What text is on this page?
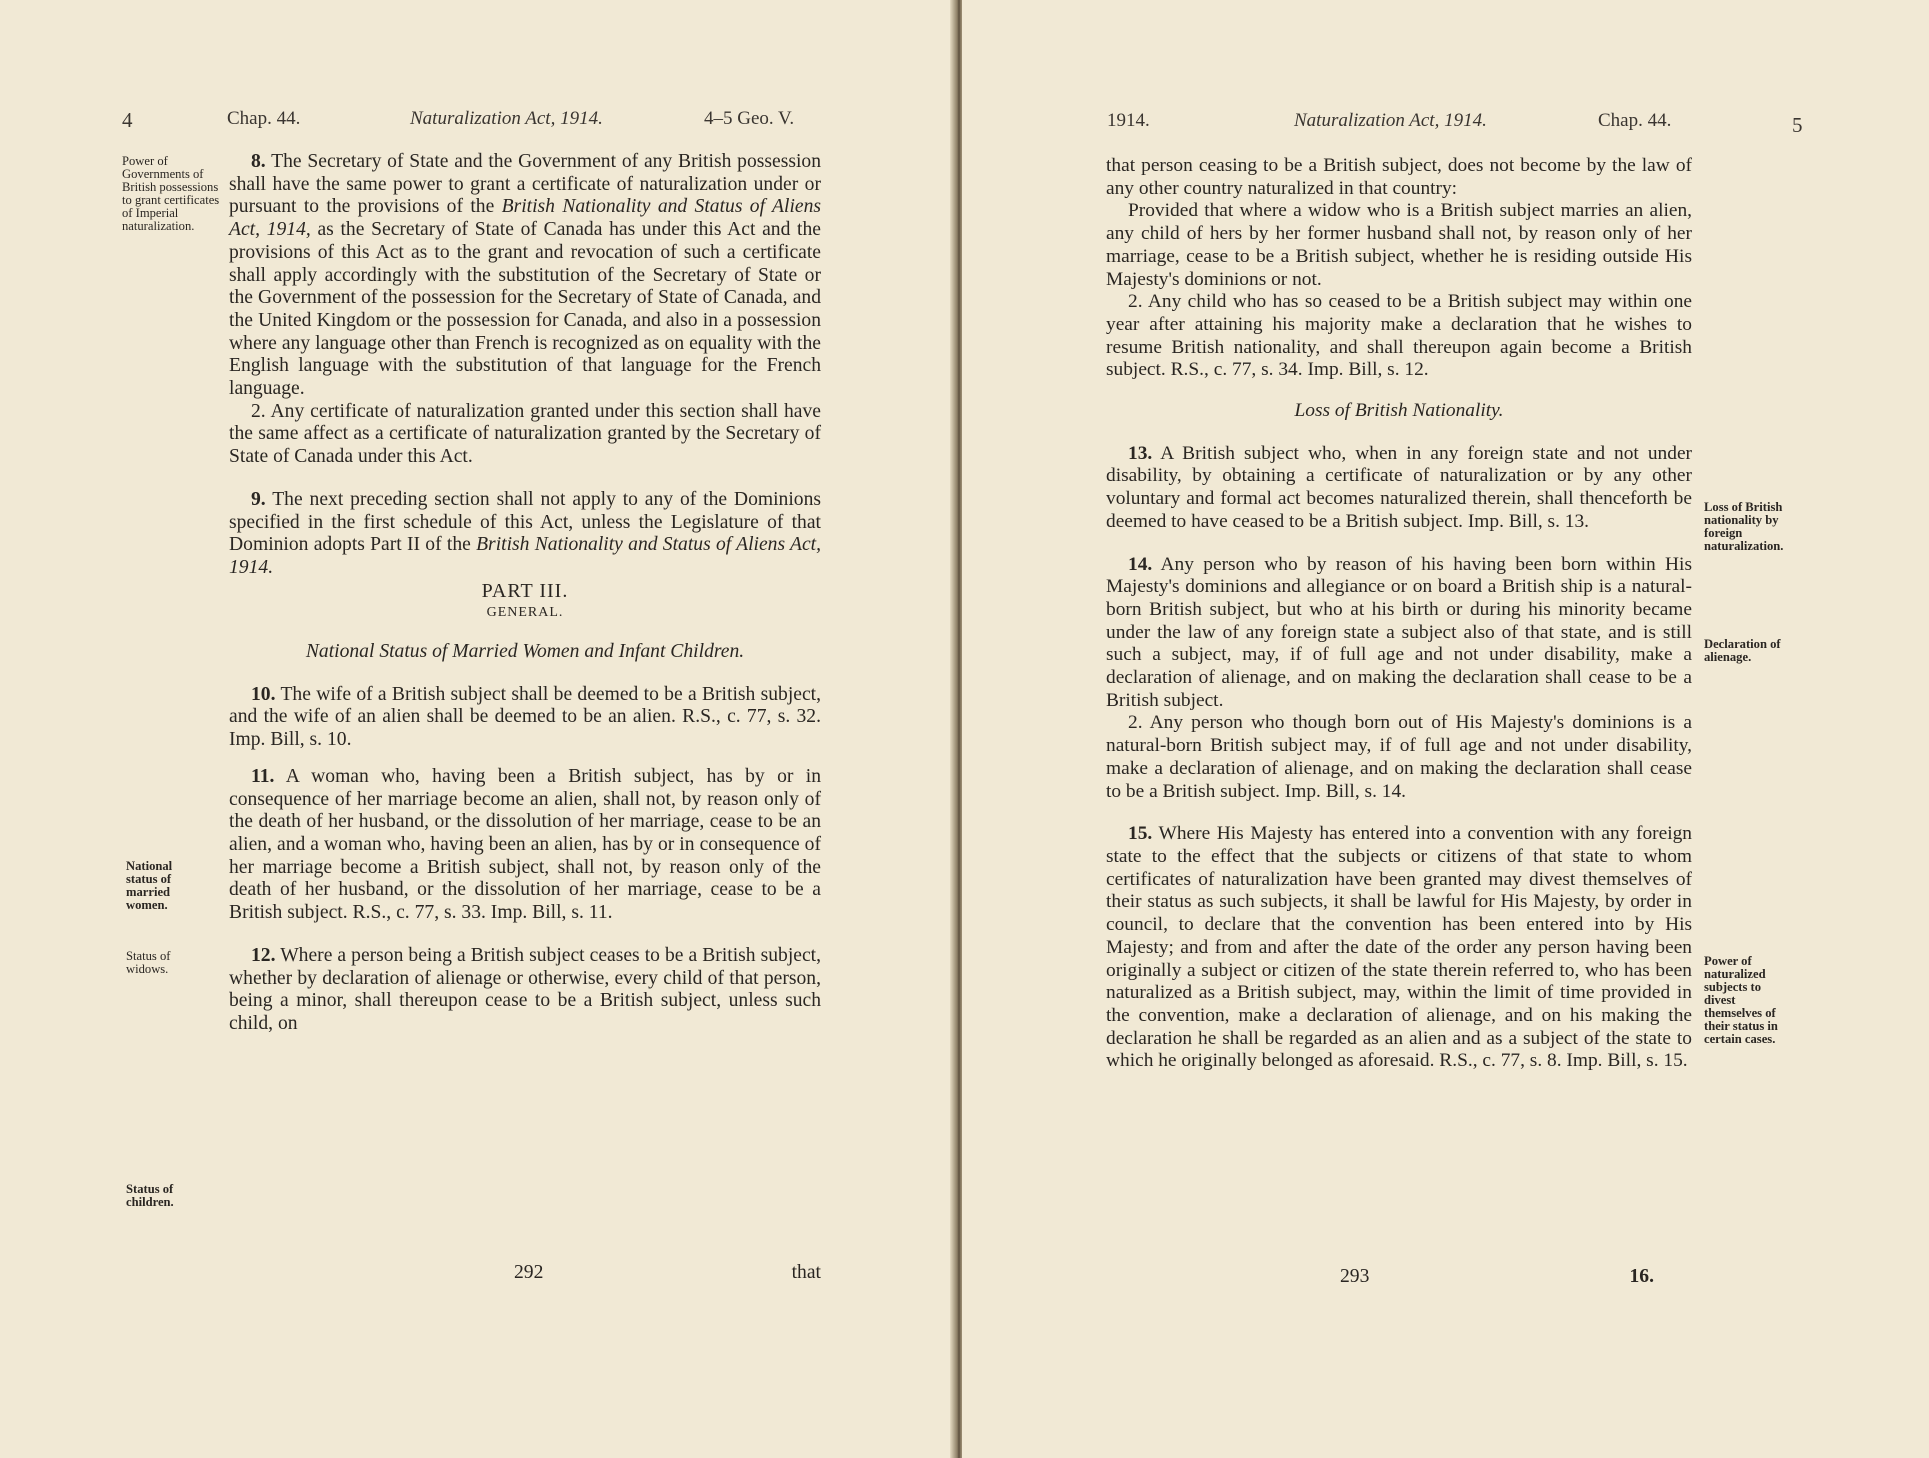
4	Chap. 44.	Naturalization Act, 1914.	4–5 Geo. V.
Power of Governments of British possessions to grant certificates of Imperial naturalization.
National status of married women.
Status of widows.
Status of children.

8. The Secretary of State and the Government of any British possession shall have the same power to grant a certificate of naturalization under or pursuant to the provisions of the British Nationality and Status of Aliens Act, 1914, as the Secretary of State of Canada has under this Act and the provisions of this Act as to the grant and revocation of such a certificate shall apply accordingly with the substitution of the Secretary of State or the Government of the possession for the Secretary of State of Canada, and the United Kingdom or the possession for Canada, and also in a possession where any language other than French is recognized as on equality with the English language with the substitution of that language for the French language.

2. Any certificate of naturalization granted under this section shall have the same affect as a certificate of naturalization granted by the Secretary of State of Canada under this Act.

9. The next preceding section shall not apply to any of the Dominions specified in the first schedule of this Act, unless the Legislature of that Dominion adopts Part II of the British Nationality and Status of Aliens Act, 1914.

PART III.

GENERAL.

National Status of Married Women and Infant Children.

10. The wife of a British subject shall be deemed to be a British subject, and the wife of an alien shall be deemed to be an alien. R.S., c. 77, s. 32. Imp. Bill, s. 10.

11. A woman who, having been a British subject, has by or in consequence of her marriage become an alien, shall not, by reason only of the death of her husband, or the dissolution of her marriage, cease to be an alien, and a woman who, having been an alien, has by or in consequence of her marriage become a British subject, shall not, by reason only of the death of her husband, or the dissolution of her marriage, cease to be a British subject. R.S., c. 77, s. 33. Imp. Bill, s. 11.

12. Where a person being a British subject ceases to be a British subject, whether by declaration of alienage or otherwise, every child of that person, being a minor, shall thereupon cease to be a British subject, unless such child, on

292	that
1914.	Naturalization Act, 1914.	Chap. 44.	5
Loss of British nationality by foreign naturalization.
Declaration of alienage.
Power of naturalized subjects to divest themselves of their status in certain cases.

that person ceasing to be a British subject, does not become by the law of any other country naturalized in that country:

Provided that where a widow who is a British subject marries an alien, any child of hers by her former husband shall not, by reason only of her marriage, cease to be a British subject, whether he is residing outside His Majesty's dominions or not.

2. Any child who has so ceased to be a British subject may within one year after attaining his majority make a declaration that he wishes to resume British nationality, and shall thereupon again become a British subject. R.S., c. 77, s. 34. Imp. Bill, s. 12.

Loss of British Nationality.

13. A British subject who, when in any foreign state and not under disability, by obtaining a certificate of naturalization or by any other voluntary and formal act becomes naturalized therein, shall thenceforth be deemed to have ceased to be a British subject. Imp. Bill, s. 13.

14. Any person who by reason of his having been born within His Majesty's dominions and allegiance or on board a British ship is a natural-born British subject, but who at his birth or during his minority became under the law of any foreign state a subject also of that state, and is still such a subject, may, if of full age and not under disability, make a declaration of alienage, and on making the declaration shall cease to be a British subject.

2. Any person who though born out of His Majesty's dominions is a natural-born British subject may, if of full age and not under disability, make a declaration of alienage, and on making the declaration shall cease to be a British subject. Imp. Bill, s. 14.

15. Where His Majesty has entered into a convention with any foreign state to the effect that the subjects or citizens of that state to whom certificates of naturalization have been granted may divest themselves of their status as such subjects, it shall be lawful for His Majesty, by order in council, to declare that the convention has been entered into by His Majesty; and from and after the date of the order any person having been originally a subject or citizen of the state therein referred to, who has been naturalized as a British subject, may, within the limit of time provided in the convention, make a declaration of alienage, and on his making the declaration he shall be regarded as an alien and as a subject of the state to which he originally belonged as aforesaid. R.S., c. 77, s. 8. Imp. Bill, s. 15.

293	16.
